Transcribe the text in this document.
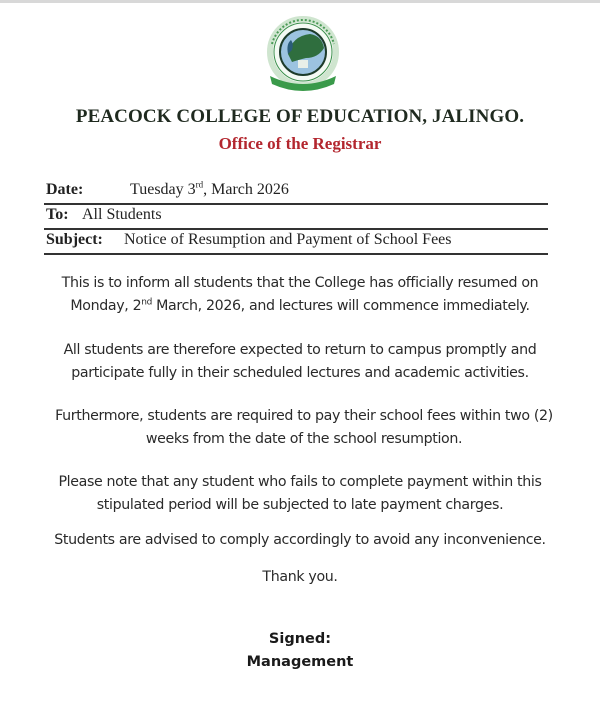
PEACOCK COLLEGE OF EDUCATION, JALINGO.
Office of the Registrar
Date:	Tuesday 3rd, March 2026
To: All Students
Subject: Notice of Resumption and Payment of School Fees
This is to inform all students that the College has officially resumed on
Monday, 2nd March, 2026, and lectures will commence immediately.
All students are therefore expected to return to campus promptly and
participate fully in their scheduled lectures and academic activities.
Furthermore, students are required to pay their school fees within two (2)
weeks from the date of the school resumption.
Please note that any student who fails to complete payment within this
stipulated period will be subjected to late payment charges.
Students are advised to comply accordingly to avoid any inconvenience.
Thank you.
Signed:
Management
